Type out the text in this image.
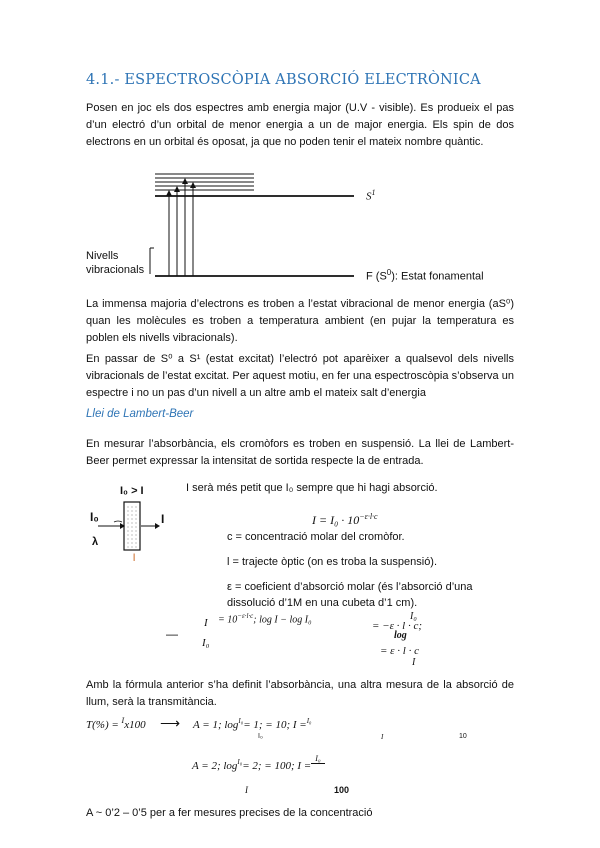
4.1.- ESPECTROSCÒPIA ABSORCIÓ ELECTRÒNICA
Posen en joc els dos espectres amb energia major (U.V - visible). Es produeix el pas d’un electró d’un orbital de menor energia a un de major energia. Els spin de dos electrons en un orbital és oposat, ja que no poden tenir el mateix nombre quàntic.
$S^1$
Nivells
vibracionals
F $(S^0)$: Estat fonamental
La immensa majoria d’electrons es troben a l’estat vibracional de menor energia (aS⁰) quan les molècules es troben a temperatura ambient (en pujar la temperatura es poblen els nivells vibracionals).
En passar de S⁰ a S¹ (estat excitat) l’electró pot aparèixer a qualsevol dels nivells vibracionals de l’estat excitat. Per aquest motiu, en fer una espectroscòpia s’observa un espectre i no un pas d’un nivell a un altre amb el mateix salt d’energia
Llei de Lambert-Beer
En mesurar l’absorbància, els cromòfors es troben en suspensió. La llei de Lambert-Beer permet expressar la intensitat de sortida respecte la de entrada.
I₀ > I
I₀
λ
I
l
I serà més petit que I₀ sempre que hi hagi absorció.
$I = I_0 \cdot 10^{-\varepsilon\cdot l\cdot c}$
c = concentració molar del cromòfor.
l = trajecte òptic (on es troba la suspensió).
ε = coeficient d’absorció molar (és l’absorció d’una
dissolució d’1M en una cubeta d’1 cm).
—
$I = 10^{-\varepsilon\cdot l\cdot c}$; log I − log I₀
I₀
I₀
= −ε · l · c;
log
= ε · l · c
I
Amb la fórmula anterior s’ha definit l’absorbància, una altra mesura de la absorció de llum, serà la transmitància.
T(%) = $^I$x100 ⟶ A = 1; $\log^{I_0}= 1$; = 10; I =$^{I_0}$
I₀	I	10
A = 2; $\log^{I_0}= 2$; = 100; I =$^{I_0}$
I	100
A ~ 0’2 – 0’5 per a fer mesures precises de la concentració
